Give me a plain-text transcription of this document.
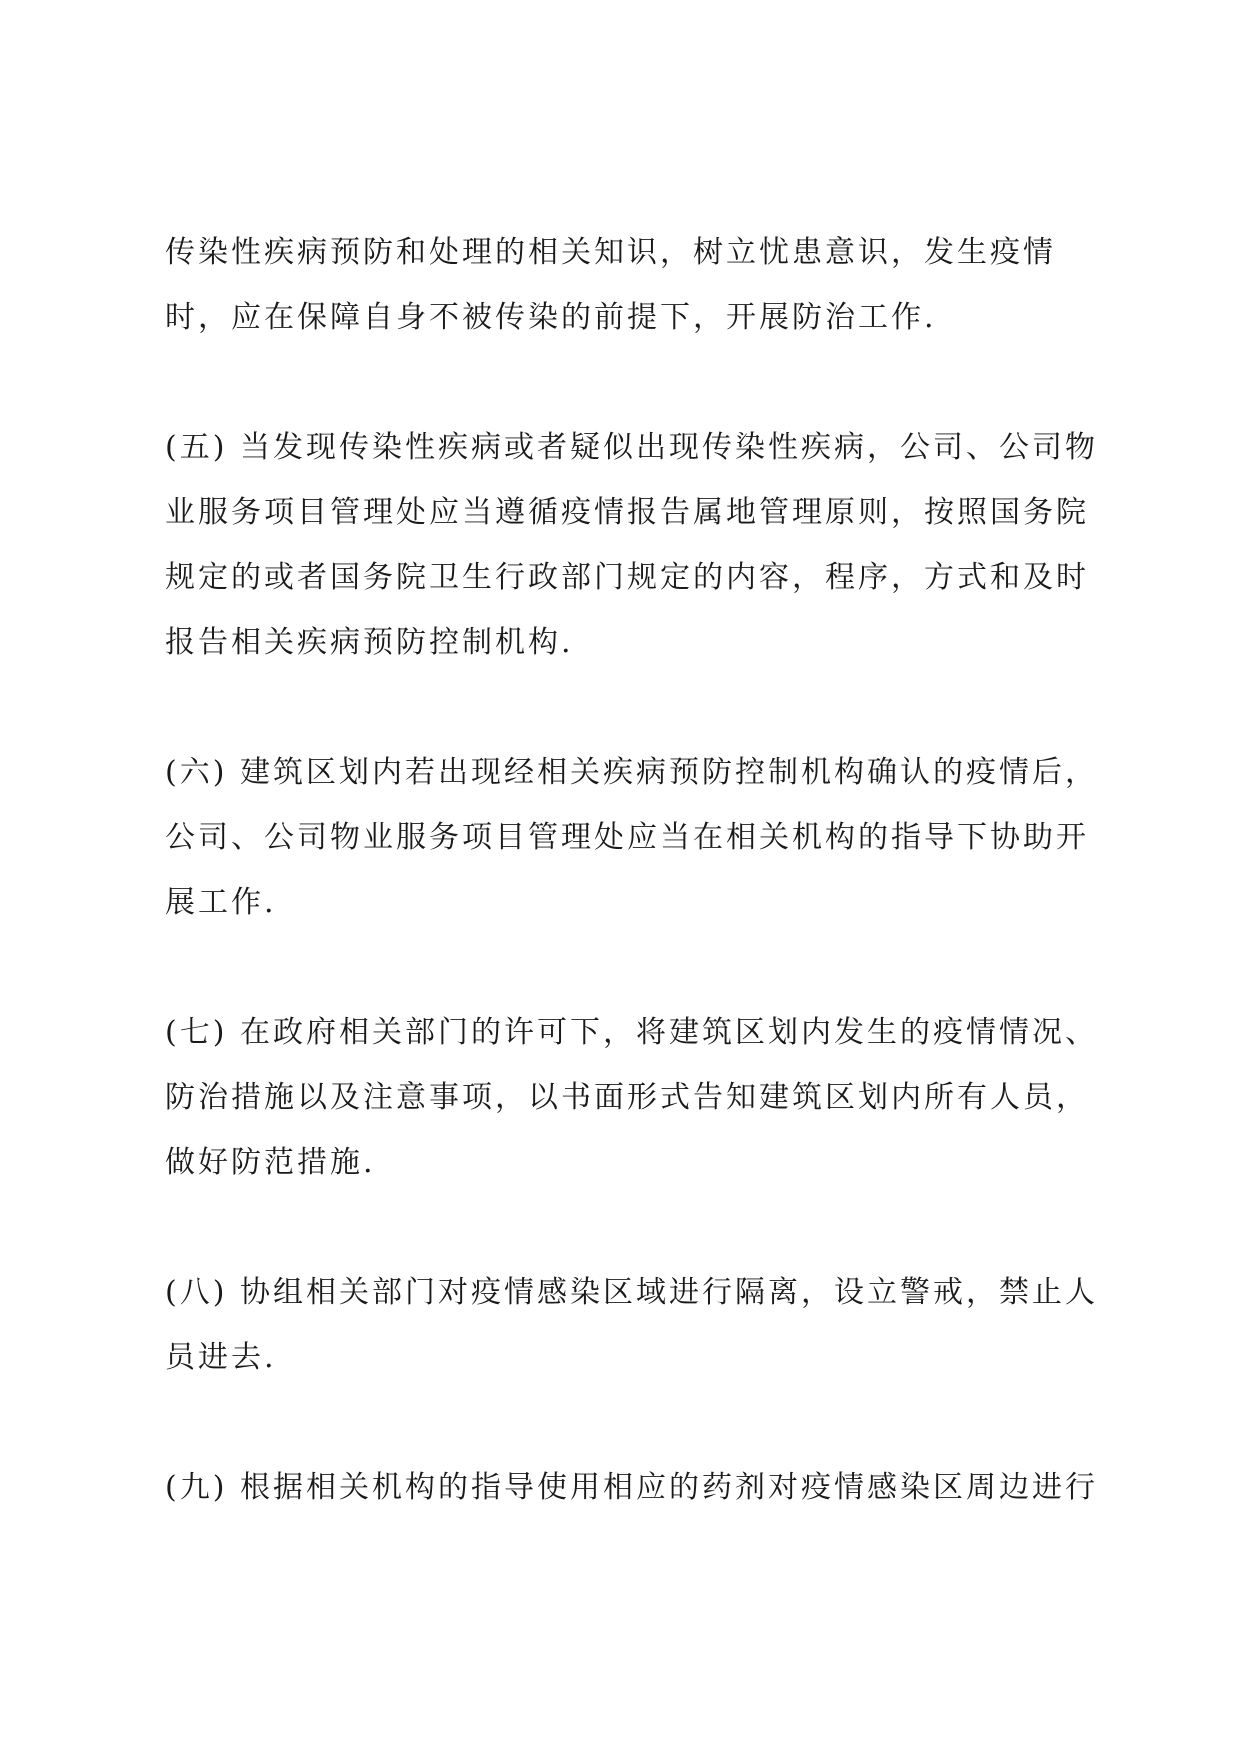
传染性疾病预防和处理的相关知识，树立忧患意识，发生疫情
时，应在保障自身不被传染的前提下，开展防治工作.
(五) 当发现传染性疾病或者疑似出现传染性疾病，公司、公司物
业服务项目管理处应当遵循疫情报告属地管理原则，按照国务院
规定的或者国务院卫生行政部门规定的内容，程序，方式和及时
报告相关疾病预防控制机构.
(六) 建筑区划内若出现经相关疾病预防控制机构确认的疫情后，
公司、公司物业服务项目管理处应当在相关机构的指导下协助开
展工作.
(七) 在政府相关部门的许可下，将建筑区划内发生的疫情情况、
防治措施以及注意事项，以书面形式告知建筑区划内所有人员，
做好防范措施.
(八) 协组相关部门对疫情感染区域进行隔离，设立警戒，禁止人
员进去.
(九) 根据相关机构的指导使用相应的药剂对疫情感染区周边进行
